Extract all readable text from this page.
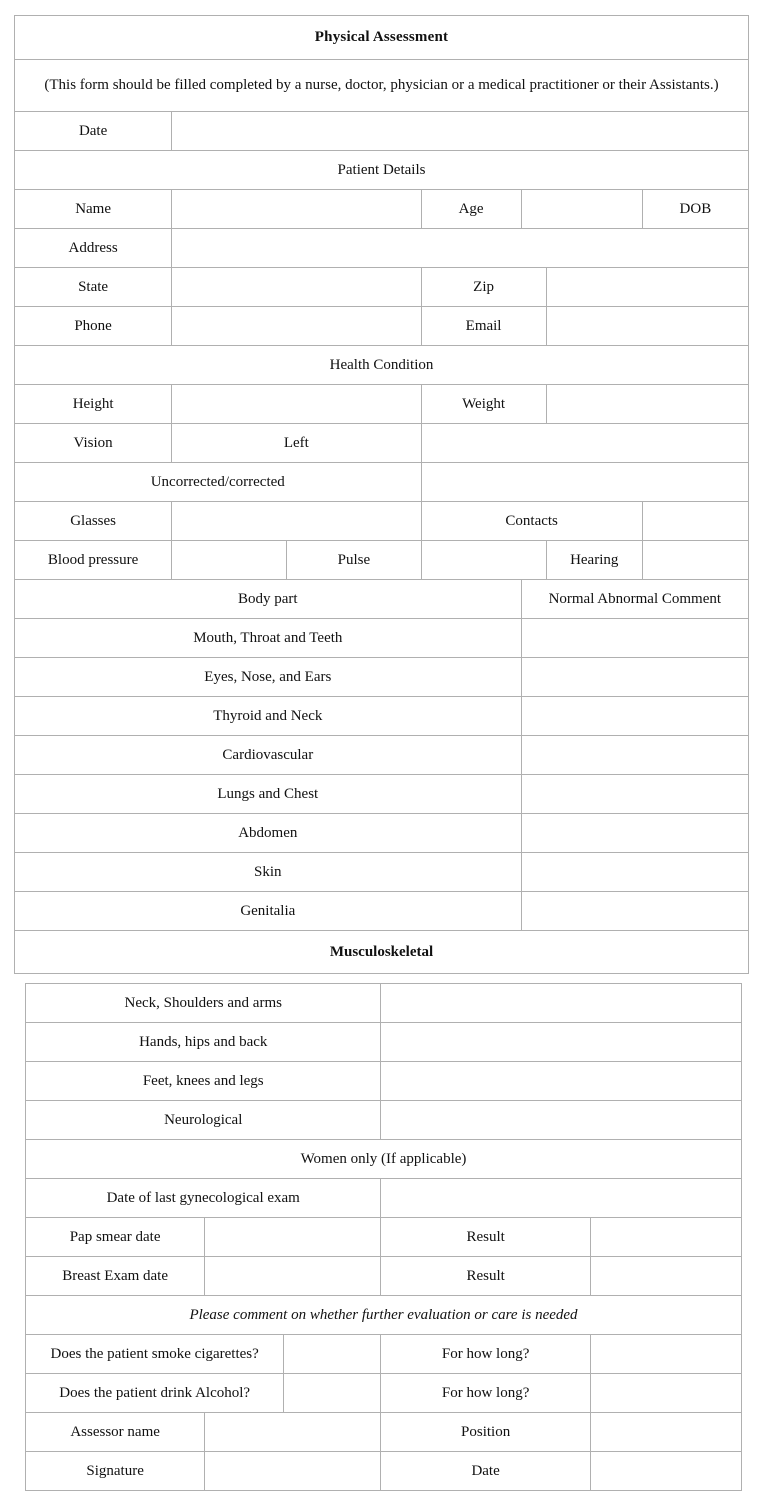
Physical Assessment						
(This form should be filled completed by a nurse, doctor, physician or a medical practitioner or their Assistants.)						
Date						
Patient Details						
Name			Age			DOB
Address						
State			Zip			
Phone			Email			
Health Condition						
Height			Weight			
Vision	Left					
Uncorrected/corrected						
Glasses			Contacts			
Blood pressure		Pulse			Hearing	
Body part				Normal Abnormal Comment		
Mouth, Throat and Teeth						
Eyes, Nose, and Ears						
Thyroid and Neck						
Cardiovascular						
Lungs and Chest						
Abdomen						
Skin						
Genitalia						
Musculoskeletal						
Neck, Shoulders and arms				
Hands, hips and back				
Feet, knees and legs				
Neurological				
Women only (If applicable)				
Date of last gynecological exam				
Pap smear date			Result	
Breast Exam date			Result	
Please comment on whether further evaluation or care is needed				
Does the patient smoke cigarettes?			For how long?	
Does the patient drink Alcohol?			For how long?	
Assessor name			Position	
Signature			Date	
